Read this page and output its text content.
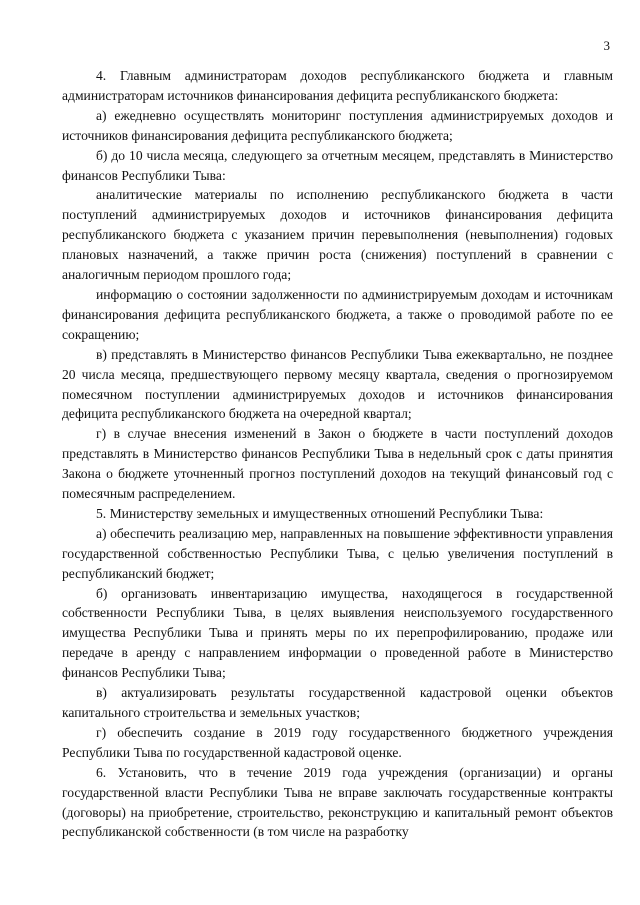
3

4. Главным администраторам доходов республиканского бюджета и главным администраторам источников финансирования дефицита республиканского бюджета:

а) ежедневно осуществлять мониторинг поступления администрируемых доходов и источников финансирования дефицита республиканского бюджета;

б) до 10 числа месяца, следующего за отчетным месяцем, представлять в Министерство финансов Республики Тыва:

аналитические материалы по исполнению республиканского бюджета в части поступлений администрируемых доходов и источников финансирования дефицита республиканского бюджета с указанием причин перевыполнения (невыполнения) годовых плановых назначений, а также причин роста (снижения) поступлений в сравнении с аналогичным периодом прошлого года;

информацию о состоянии задолженности по администрируемым доходам и источникам финансирования дефицита республиканского бюджета, а также о проводимой работе по ее сокращению;

в) представлять в Министерство финансов Республики Тыва ежеквартально, не позднее 20 числа месяца, предшествующего первому месяцу квартала, сведения о прогнозируемом помесячном поступлении администрируемых доходов и источников финансирования дефицита республиканского бюджета на очередной квартал;

г) в случае внесения изменений в Закон о бюджете в части поступлений доходов представлять в Министерство финансов Республики Тыва в недельный срок с даты принятия Закона о бюджете уточненный прогноз поступлений доходов на текущий финансовый год с помесячным распределением.

5. Министерству земельных и имущественных отношений Республики Тыва:

а) обеспечить реализацию мер, направленных на повышение эффективности управления государственной собственностью Республики Тыва, с целью увеличения поступлений в республиканский бюджет;

б) организовать инвентаризацию имущества, находящегося в государственной собственности Республики Тыва, в целях выявления неиспользуемого государственного имущества Республики Тыва и принять меры по их перепрофилированию, продаже или передаче в аренду с направлением информации о проведенной работе в Министерство финансов Республики Тыва;

в) актуализировать результаты государственной кадастровой оценки объектов капитального строительства и земельных участков;

г) обеспечить создание в 2019 году государственного бюджетного учреждения Республики Тыва по государственной кадастровой оценке.

6. Установить, что в течение 2019 года учреждения (организации) и органы государственной власти Республики Тыва не вправе заключать государственные контракты (договоры) на приобретение, строительство, реконструкцию и капитальный ремонт объектов республиканской собственности (в том числе на разработку
